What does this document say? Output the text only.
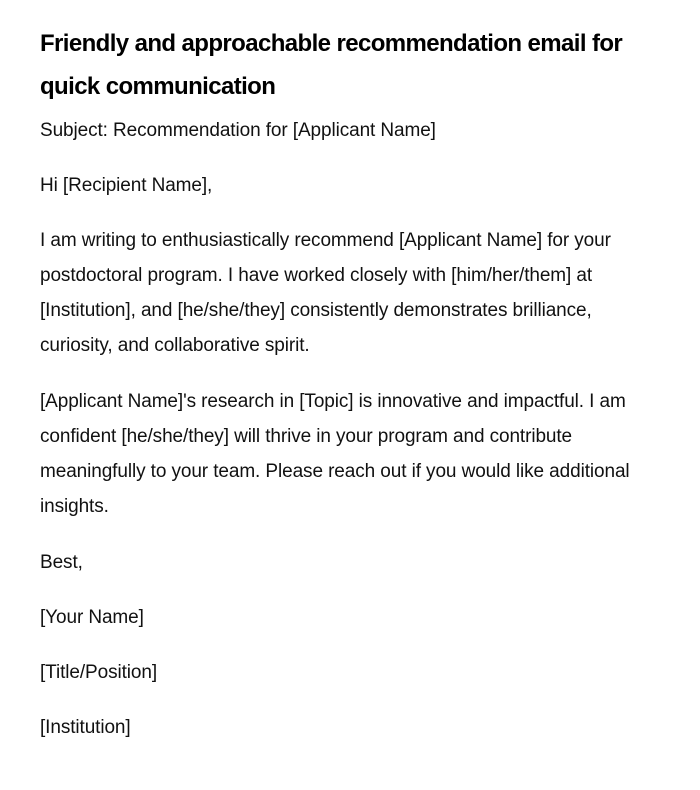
Friendly and approachable recommendation email for quick communication

Subject: Recommendation for [Applicant Name]

Hi [Recipient Name],

I am writing to enthusiastically recommend [Applicant Name] for your postdoctoral program. I have worked closely with [him/her/them] at [Institution], and [he/she/they] consistently demonstrates brilliance, curiosity, and collaborative spirit.

[Applicant Name]'s research in [Topic] is innovative and impactful. I am confident [he/she/they] will thrive in your program and contribute meaningfully to your team. Please reach out if you would like additional insights.

Best,

[Your Name]

[Title/Position]

[Institution]
